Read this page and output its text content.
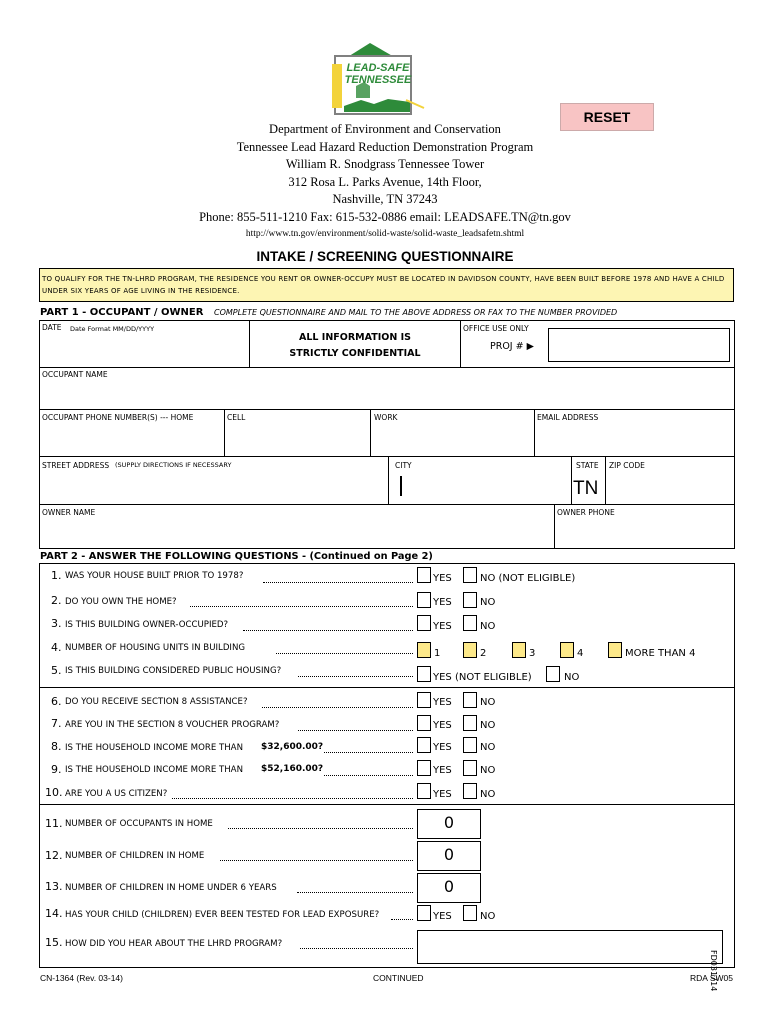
LEAD-SAFE
TENNESSEE
RESET
Department of Environment and Conservation
Tennessee Lead Hazard Reduction Demonstration Program
William R. Snodgrass Tennessee Tower
312 Rosa L. Parks Avenue, 14th Floor,
Nashville, TN 37243
Phone: 855-511-1210 Fax: 615-532-0886 email: LEADSAFE.TN@tn.gov
http://www.tn.gov/environment/solid-waste/solid-waste_leadsafetn.shtml
INTAKE / SCREENING QUESTIONNAIRE
TO QUALIFY FOR THE TN-LHRD PROGRAM, THE RESIDENCE YOU RENT OR OWNER-OCCUPY MUST BE LOCATED IN DAVIDSON COUNTY, HAVE BEEN BUILT BEFORE 1978 AND HAVE A CHILD UNDER SIX YEARS OF AGE LIVING IN THE RESIDENCE.
PART 1 - OCCUPANT / OWNER COMPLETE QUESTIONNAIRE AND MAIL TO THE ABOVE ADDRESS OR FAX TO THE NUMBER PROVIDED
DATE Date Format MM/DD/YYYY
ALL INFORMATION IS
STRICTLY CONFIDENTIAL
OFFICE USE ONLY
PROJ # ▶
OCCUPANT NAME
OCCUPANT PHONE NUMBER(S) --- HOME	CELL	WORK	EMAIL ADDRESS
STREET ADDRESS (SUPPLY DIRECTIONS IF NECESSARY	CITY	STATE
TN
ZIP CODE
OWNER NAME	OWNER PHONE
PART 2 - ANSWER THE FOLLOWING QUESTIONS - (Continued on Page 2)
1. WAS YOUR HOUSE BUILT PRIOR TO 1978?	YES	NO (NOT ELIGIBLE)
2. DO YOU OWN THE HOME?	YES	NO
3. IS THIS BUILDING OWNER-OCCUPIED?	YES	NO
4. NUMBER OF HOUSING UNITS IN BUILDING	1	2	3	4	MORE THAN 4
5. IS THIS BUILDING CONSIDERED PUBLIC HOUSING?
YES (NOT ELIGIBLE)	NO
6. DO YOU RECEIVE SECTION 8 ASSISTANCE?	YES	NO
7. ARE YOU IN THE SECTION 8 VOUCHER PROGRAM?	YES	NO
8. IS THE HOUSEHOLD INCOME MORE THAN $32,600.00?	YES	NO
9. IS THE HOUSEHOLD INCOME MORE THAN $52,160.00?	YES	NO
10. ARE YOU A US CITIZEN?	YES	NO
11. NUMBER OF OCCUPANTS IN HOME	0
12. NUMBER OF CHILDREN IN HOME	0
13. NUMBER OF CHILDREN IN HOME UNDER 6 YEARS	0
14. HAS YOUR CHILD (CHILDREN) EVER BEEN TESTED FOR LEAD EXPOSURE?	YES	NO
15. HOW DID YOU HEAR ABOUT THE LHRD PROGRAM?
FD031714
CN-1364 (Rev. 03-14)	CONTINUED	RDA SW05
